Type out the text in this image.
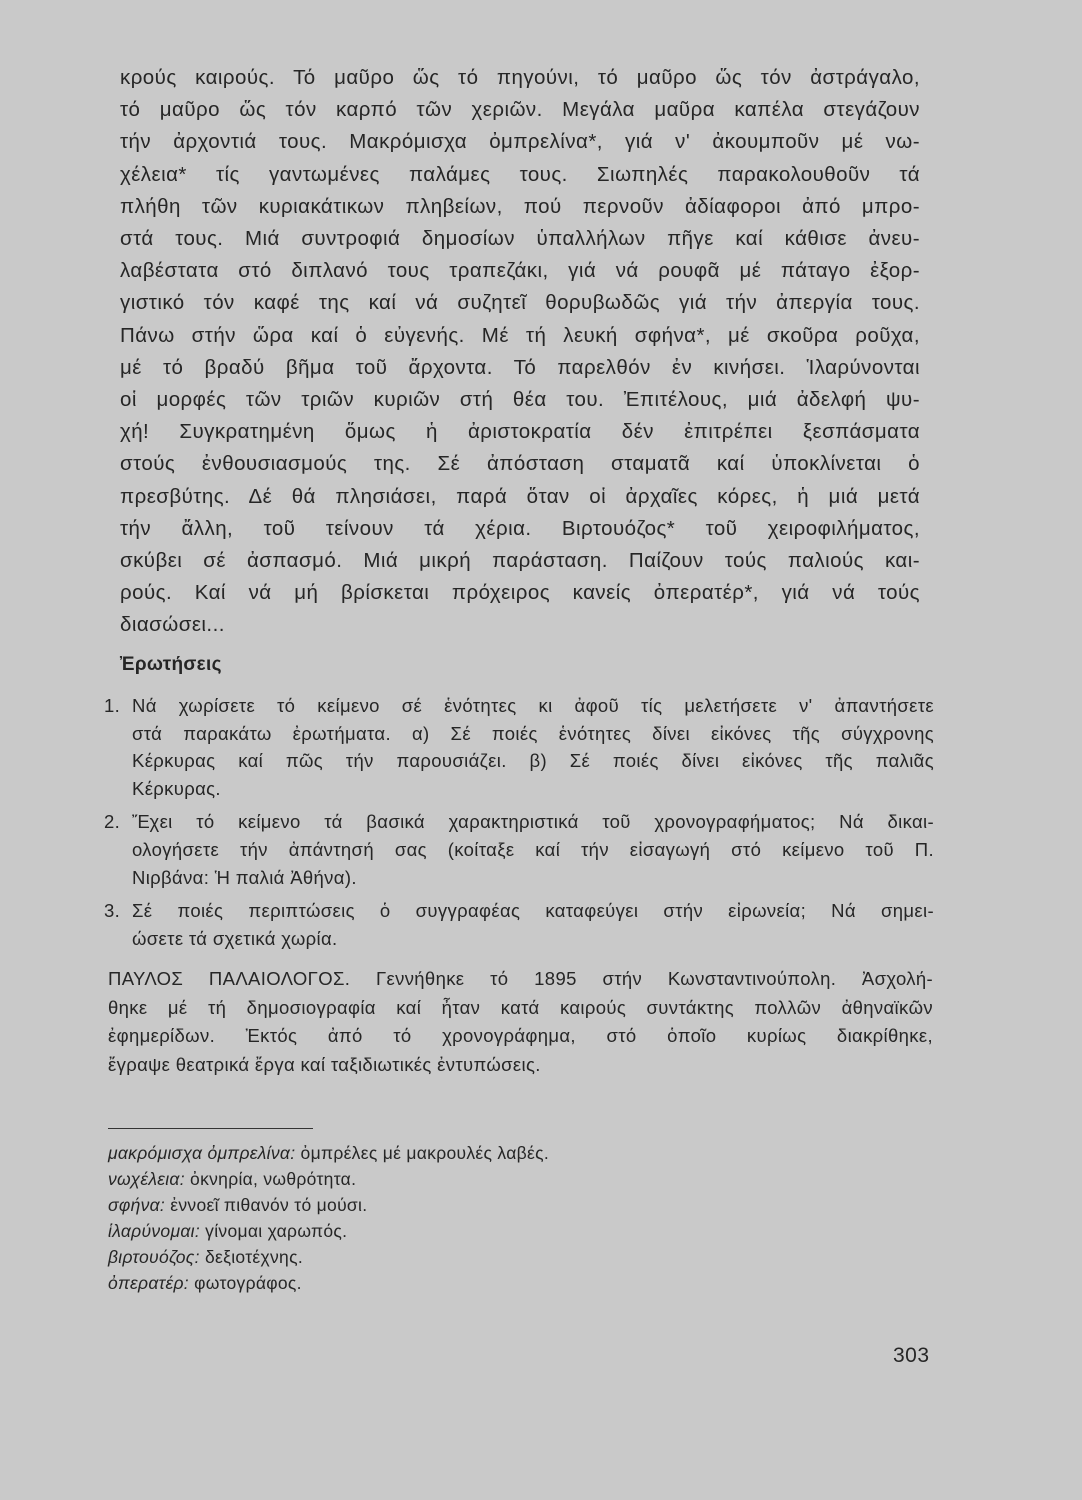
κρούς καιρούς. Τό μαῦρο ὥς τό πηγούνι, τό μαῦρο ὥς τόν ἀστράγαλο,
τό μαῦρο ὥς τόν καρπό τῶν χεριῶν. Μεγάλα μαῦρα καπέλα στεγάζουν
τήν ἀρχοντιά τους. Μακρόμισχα ὀμπρελίνα*, γιά ν' ἀκουμποῦν μέ νω-
χέλεια* τίς γαντωμένες παλάμες τους. Σιωπηλές παρακολουθοῦν τά
πλήθη τῶν κυριακάτικων πληβείων, πού περνοῦν ἀδίαφοροι ἀπό μπρο-
στά τους. Μιά συντροφιά δημοσίων ὑπαλλήλων πῆγε καί κάθισε ἀνευ-
λαβέστατα στό διπλανό τους τραπεζάκι, γιά νά ρουφᾶ μέ πάταγο ἐξορ-
γιστικό τόν καφέ της καί νά συζητεῖ θορυβωδῶς γιά τήν ἀπεργία τους.
Πάνω στήν ὥρα καί ὁ εὐγενής. Μέ τή λευκή σφήνα*, μέ σκοῦρα ροῦχα,
μέ τό βραδύ βῆμα τοῦ ἄρχοντα. Τό παρελθόν ἐν κινήσει. Ἱλαρύνονται
οἱ μορφές τῶν τριῶν κυριῶν στή θέα του. Ἐπιτέλους, μιά ἀδελφή ψυ-
χή! Συγκρατημένη ὅμως ἡ ἀριστοκρατία δέν ἐπιτρέπει ξεσπάσματα
στούς ἐνθουσιασμούς της. Σέ ἀπόσταση σταματᾶ καί ὑποκλίνεται ὁ
πρεσβύτης. Δέ θά πλησιάσει, παρά ὅταν οἱ ἀρχαῖες κόρες, ἡ μιά μετά
τήν ἄλλη, τοῦ τείνουν τά χέρια. Βιρτουόζος* τοῦ χειροφιλήματος,
σκύβει σέ ἀσπασμό. Μιά μικρή παράσταση. Παίζουν τούς παλιούς και-
ρούς. Καί νά μή βρίσκεται πρόχειρος κανείς ὀπερατέρ*, γιά νά τούς
διασώσει...

Ἐρωτήσεις
1. Νά χωρίσετε τό κείμενο σέ ἑνότητες κι ἀφοῦ τίς μελετήσετε ν' ἀπαντήσετε
στά παρακάτω ἐρωτήματα. α) Σέ ποιές ἑνότητες δίνει εἰκόνες τῆς σύγχρονης
Κέρκυρας καί πῶς τήν παρουσιάζει. β) Σέ ποιές δίνει εἰκόνες τῆς παλιᾶς
Κέρκυρας.
2. Ἔχει τό κείμενο τά βασικά χαρακτηριστικά τοῦ χρονογραφήματος; Νά δικαι-
ολογήσετε τήν ἀπάντησή σας (κοίταξε καί τήν εἰσαγωγή στό κείμενο τοῦ Π.
Νιρβάνα: Ἡ παλιά Ἀθήνα).
3. Σέ ποιές περιπτώσεις ὁ συγγραφέας καταφεύγει στήν εἰρωνεία; Νά σημει-
ώσετε τά σχετικά χωρία.
ΠΑΥΛΟΣ ΠΑΛΑΙΟΛΟΓΟΣ. Γεννήθηκε τό 1895 στήν Κωνσταντινούπολη. Ἀσχολή-
θηκε μέ τή δημοσιογραφία καί ἦταν κατά καιρούς συντάκτης πολλῶν ἀθηναϊκῶν
ἐφημερίδων. Ἐκτός ἀπό τό χρονογράφημα, στό ὁποῖο κυρίως διακρίθηκε,
ἔγραψε θεατρικά ἔργα καί ταξιδιωτικές ἐντυπώσεις.
μακρόμισχα ὀμπρελίνα: ὀμπρέλες μέ μακρουλές λαβές.
νωχέλεια: ὀκνηρία, νωθρότητα.
σφήνα: ἐννοεῖ πιθανόν τό μούσι.
ἱλαρύνομαι: γίνομαι χαρωπός.
βιρτουόζος: δεξιοτέχνης.
ὀπερατέρ: φωτογράφος.
303
